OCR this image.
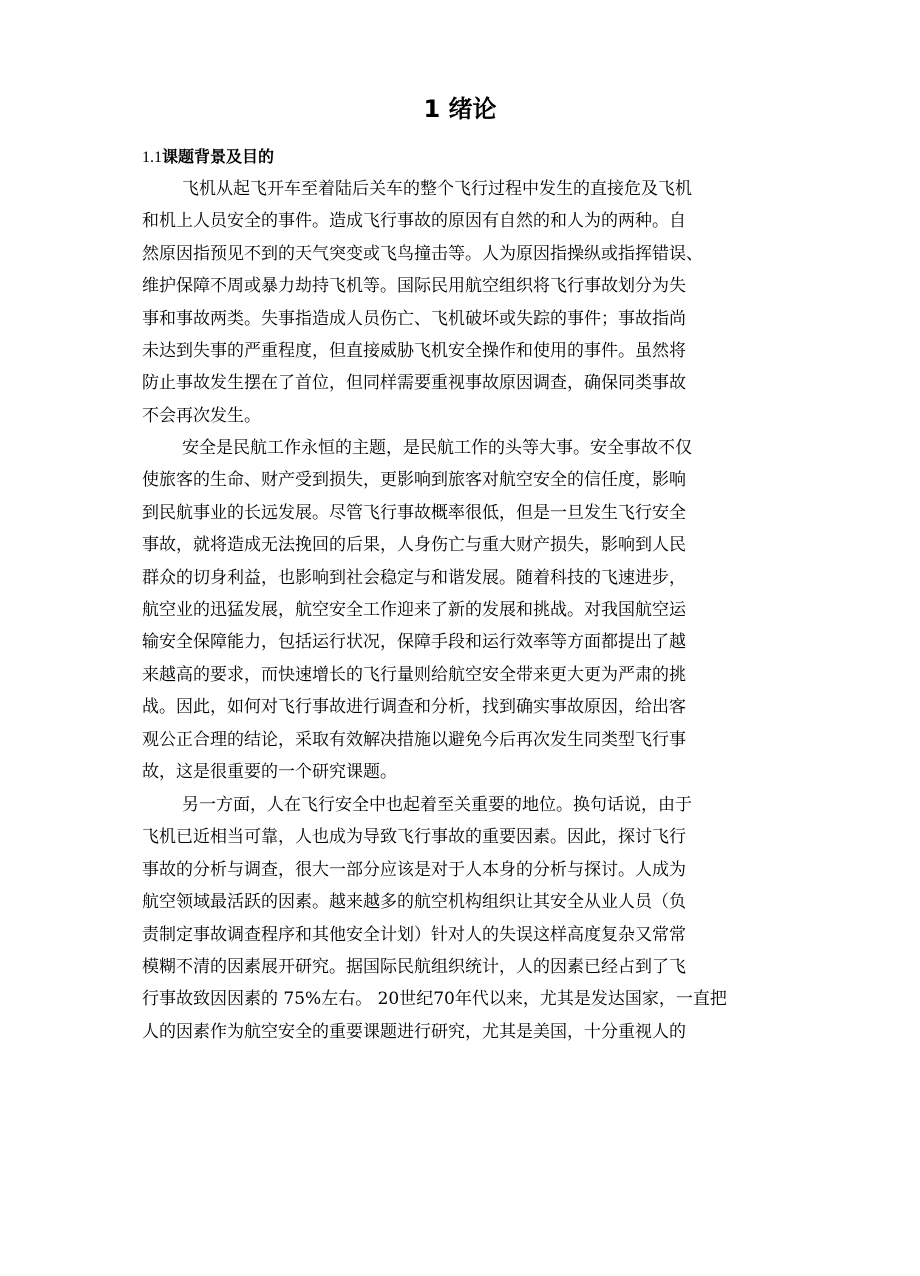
1 绪论
1.1课题背景及目的
飞机从起飞开车至着陆后关车的整个飞行过程中发生的直接危及飞机
和机上人员安全的事件。造成飞行事故的原因有自然的和人为的两种。自
然原因指预见不到的天气突变或飞鸟撞击等。人为原因指操纵或指挥错误、
维护保障不周或暴力劫持飞机等。国际民用航空组织将飞行事故划分为失
事和事故两类。失事指造成人员伤亡、飞机破坏或失踪的事件；事故指尚
未达到失事的严重程度，但直接威胁飞机安全操作和使用的事件。虽然将
防止事故发生摆在了首位，但同样需要重视事故原因调查，确保同类事故
不会再次发生。
安全是民航工作永恒的主题，是民航工作的头等大事。安全事故不仅
使旅客的生命、财产受到损失，更影响到旅客对航空安全的信任度，影响
到民航事业的长远发展。尽管飞行事故概率很低，但是一旦发生飞行安全
事故，就将造成无法挽回的后果，人身伤亡与重大财产损失，影响到人民
群众的切身利益，也影响到社会稳定与和谐发展。随着科技的飞速进步，
航空业的迅猛发展，航空安全工作迎来了新的发展和挑战。对我国航空运
输安全保障能力，包括运行状况，保障手段和运行效率等方面都提出了越
来越高的要求，而快速增长的飞行量则给航空安全带来更大更为严肃的挑
战。因此，如何对飞行事故进行调查和分析，找到确实事故原因，给出客
观公正合理的结论，采取有效解决措施以避免今后再次发生同类型飞行事
故，这是很重要的一个研究课题。
另一方面，人在飞行安全中也起着至关重要的地位。换句话说，由于
飞机已近相当可靠，人也成为导致飞行事故的重要因素。因此，探讨飞行
事故的分析与调查，很大一部分应该是对于人本身的分析与探讨。人成为
航空领域最活跃的因素。越来越多的航空机构组织让其安全从业人员（负
责制定事故调查程序和其他安全计划）针对人的失误这样高度复杂又常常
模糊不清的因素展开研究。据国际民航组织统计，人的因素已经占到了飞
行事故致因因素的 75%左右。 20世纪70年代以来，尤其是发达国家，一直把
人的因素作为航空安全的重要课题进行研究，尤其是美国，十分重视人的
